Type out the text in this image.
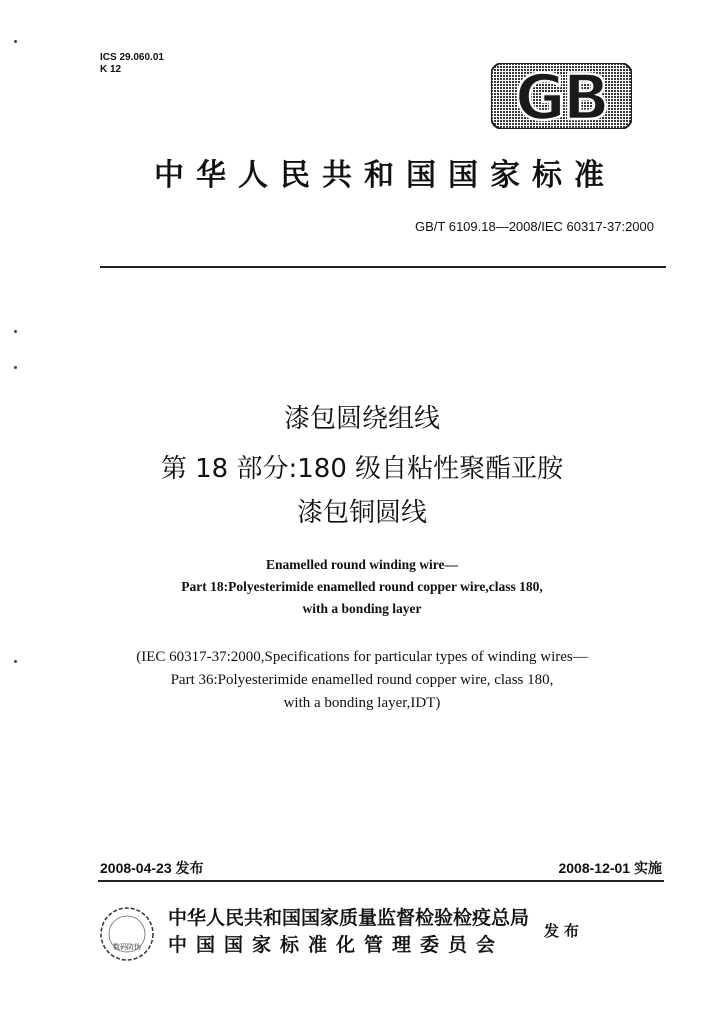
ICS 29.060.01
K 12	GB
中华人民共和国国家标准
GB/T 6109.18—2008/IEC 60317-37:2000
漆包圆绕组线
第 18 部分:180 级自粘性聚酯亚胺
漆包铜圆线
Enamelled round winding wire—
Part 18:Polyesterimide enamelled round copper wire,class 180,
with a bonding layer
(IEC 60317-37:2000,Specifications for particular types of winding wires—
Part 36:Polyesterimide enamelled round copper wire, class 180,
with a bonding layer,IDT)
2008-04-23 发布	2008-12-01 实施
数码防伪
中华人民共和国国家质量监督检验检疫总局
中国国家标准化管理委员会
发布
